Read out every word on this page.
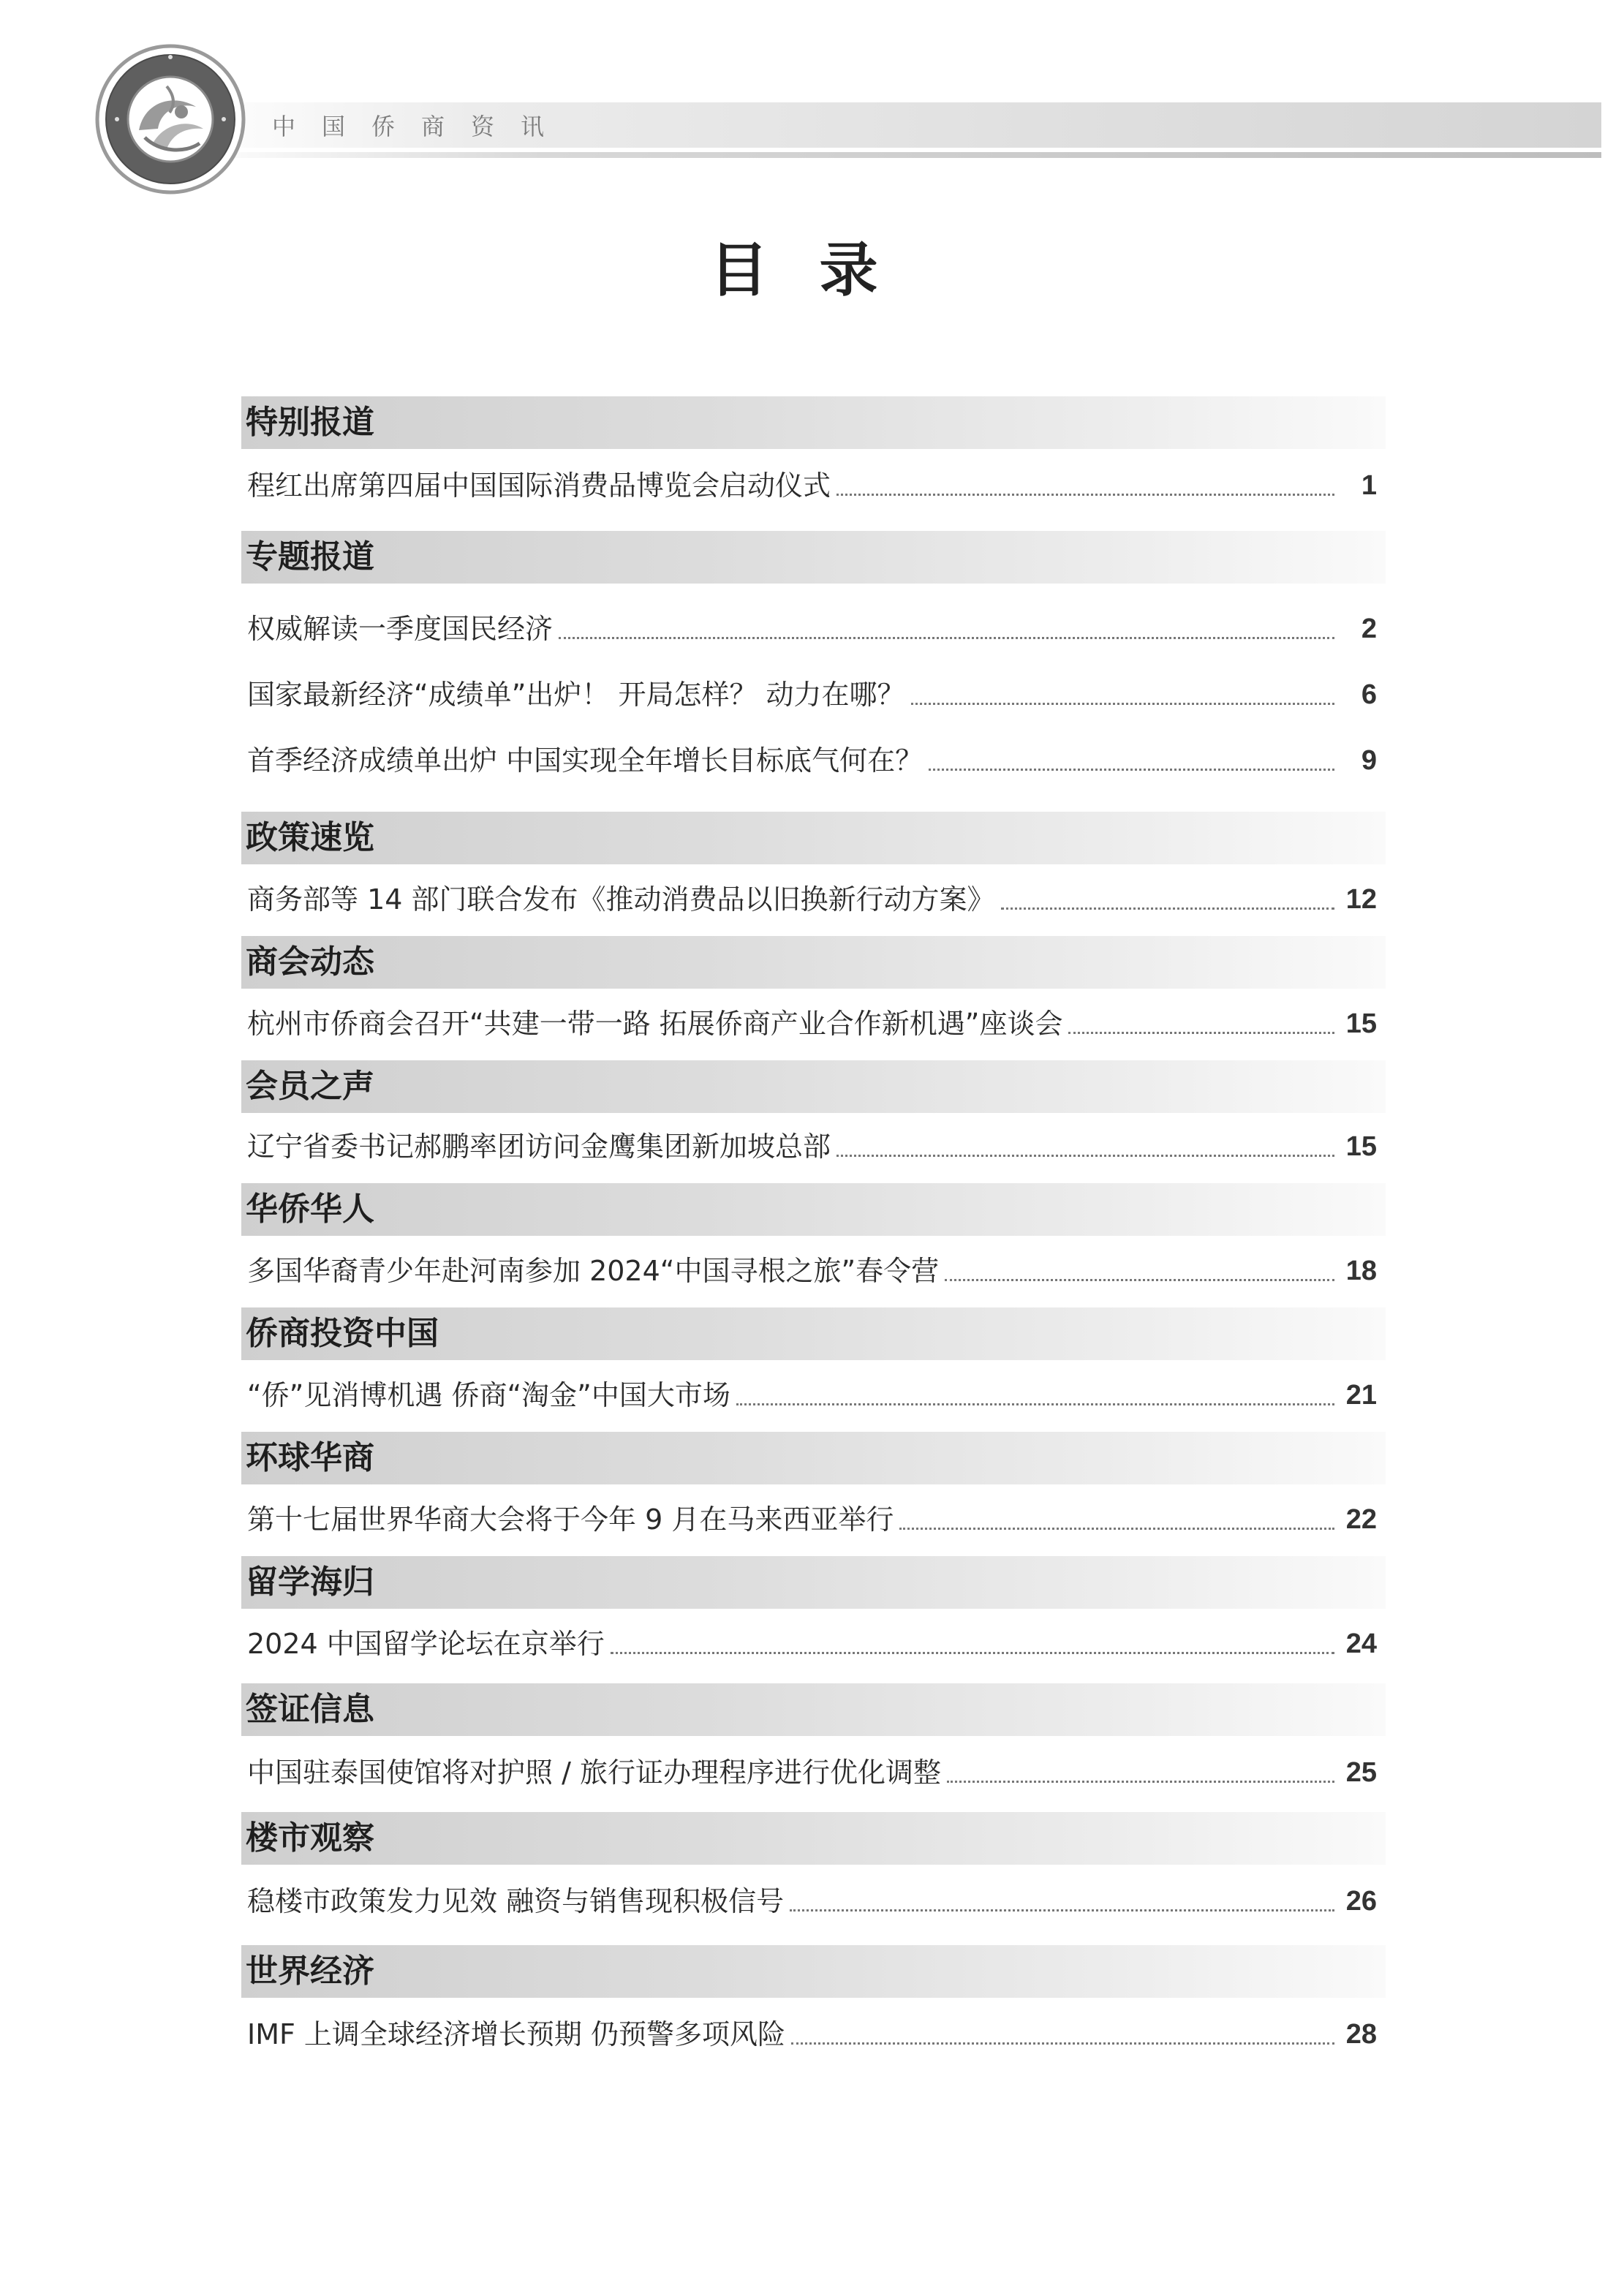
中国侨商资讯
目录
特别报道
程红出席第四届中国国际消费品博览会启动仪式	1
专题报道
权威解读一季度国民经济	2
国家最新经济“成绩单”出炉！ 开局怎样？ 动力在哪？	6
首季经济成绩单出炉 中国实现全年增长目标底气何在？	9
政策速览
商务部等 14 部门联合发布《推动消费品以旧换新行动方案》	12
商会动态
杭州市侨商会召开“共建一带一路 拓展侨商产业合作新机遇”座谈会	15
会员之声
辽宁省委书记郝鹏率团访问金鹰集团新加坡总部	15
华侨华人
多国华裔青少年赴河南参加 2024“中国寻根之旅”春令营	18
侨商投资中国
“侨”见消博机遇 侨商“淘金”中国大市场	21
环球华商
第十七届世界华商大会将于今年 9 月在马来西亚举行	22
留学海归
2024 中国留学论坛在京举行	24
签证信息
中国驻泰国使馆将对护照 / 旅行证办理程序进行优化调整	25
楼市观察
稳楼市政策发力见效 融资与销售现积极信号	26
世界经济
IMF 上调全球经济增长预期 仍预警多项风险	28
